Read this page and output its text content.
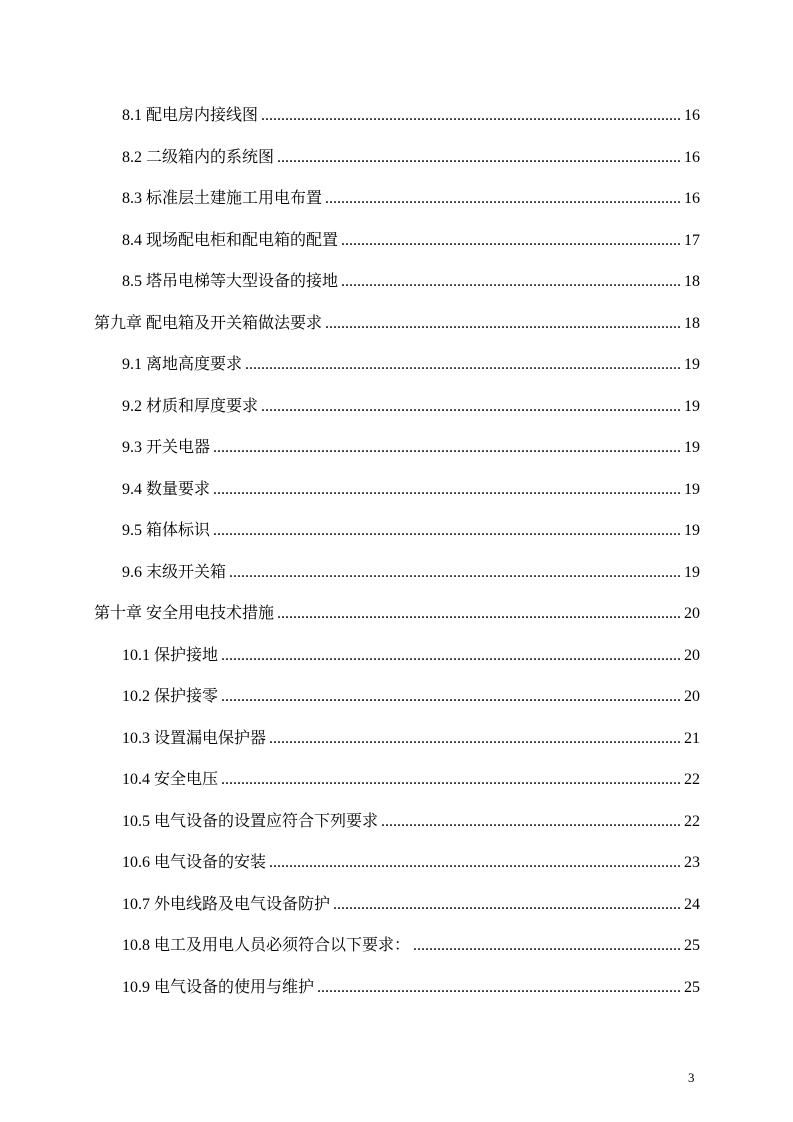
8.1 配电房内接线图 .....	16
8.2 二级箱内的系统图 .....	16
8.3 标准层土建施工用电布置 .....	16
8.4 现场配电柜和配电箱的配置 .....	17
8.5 塔吊电梯等大型设备的接地 .....	18
第九章 配电箱及开关箱做法要求 .....	18
9.1 离地高度要求 .....	19
9.2 材质和厚度要求 .....	19
9.3 开关电器 .....	19
9.4 数量要求 .....	19
9.5 箱体标识 .....	19
9.6 末级开关箱 .....	19
第十章 安全用电技术措施 .....	20
10.1 保护接地 .....	20
10.2 保护接零 .....	20
10.3 设置漏电保护器 .....	21
10.4 安全电压 .....	22
10.5 电气设备的设置应符合下列要求 .....	22
10.6 电气设备的安装 .....	23
10.7 外电线路及电气设备防护 .....	24
10.8 电工及用电人员必须符合以下要求： .....	25
10.9 电气设备的使用与维护 .....	25
3
